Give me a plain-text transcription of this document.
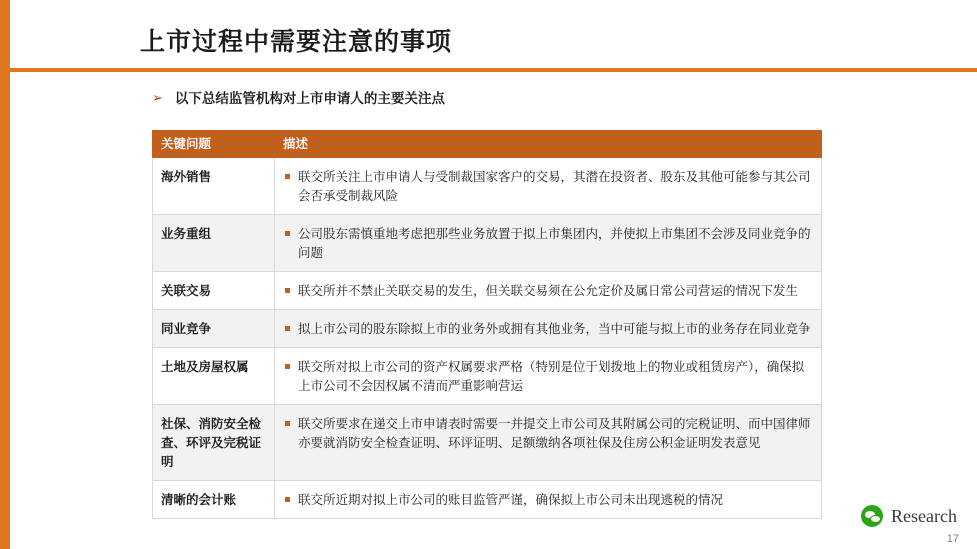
上市过程中需要注意的事项
➢ 以下总结监管机构对上市申请人的主要关注点
关键问题	描述
海外销售	联交所关注上市申请人与受制裁国家客户的交易，其潜在投资者、股东及其他可能参与其公司会否承受制裁风险

业务重组	公司股东需慎重地考虑把那些业务放置于拟上市集团内，并使拟上市集团不会涉及同业竞争的问题

关联交易	联交所并不禁止关联交易的发生，但关联交易须在公允定价及属日常公司营运的情况下发生

同业竞争	拟上市公司的股东除拟上市的业务外或拥有其他业务，当中可能与拟上市的业务存在同业竞争

土地及房屋权属	联交所对拟上市公司的资产权属要求严格（特别是位于划拨地上的物业或租赁房产），确保拟上市公司不会因权属不清而严重影响营运

社保、消防安全检查、环评及完税证明	联交所要求在递交上市申请表时需要一并提交上市公司及其附属公司的完税证明、而中国律师亦要就消防安全检查证明、环评证明、足额缴纳各项社保及住房公积金证明发表意见

清晰的会计账	联交所近期对拟上市公司的账目监管严谨，确保拟上市公司未出现逃税的情况
Research
17
